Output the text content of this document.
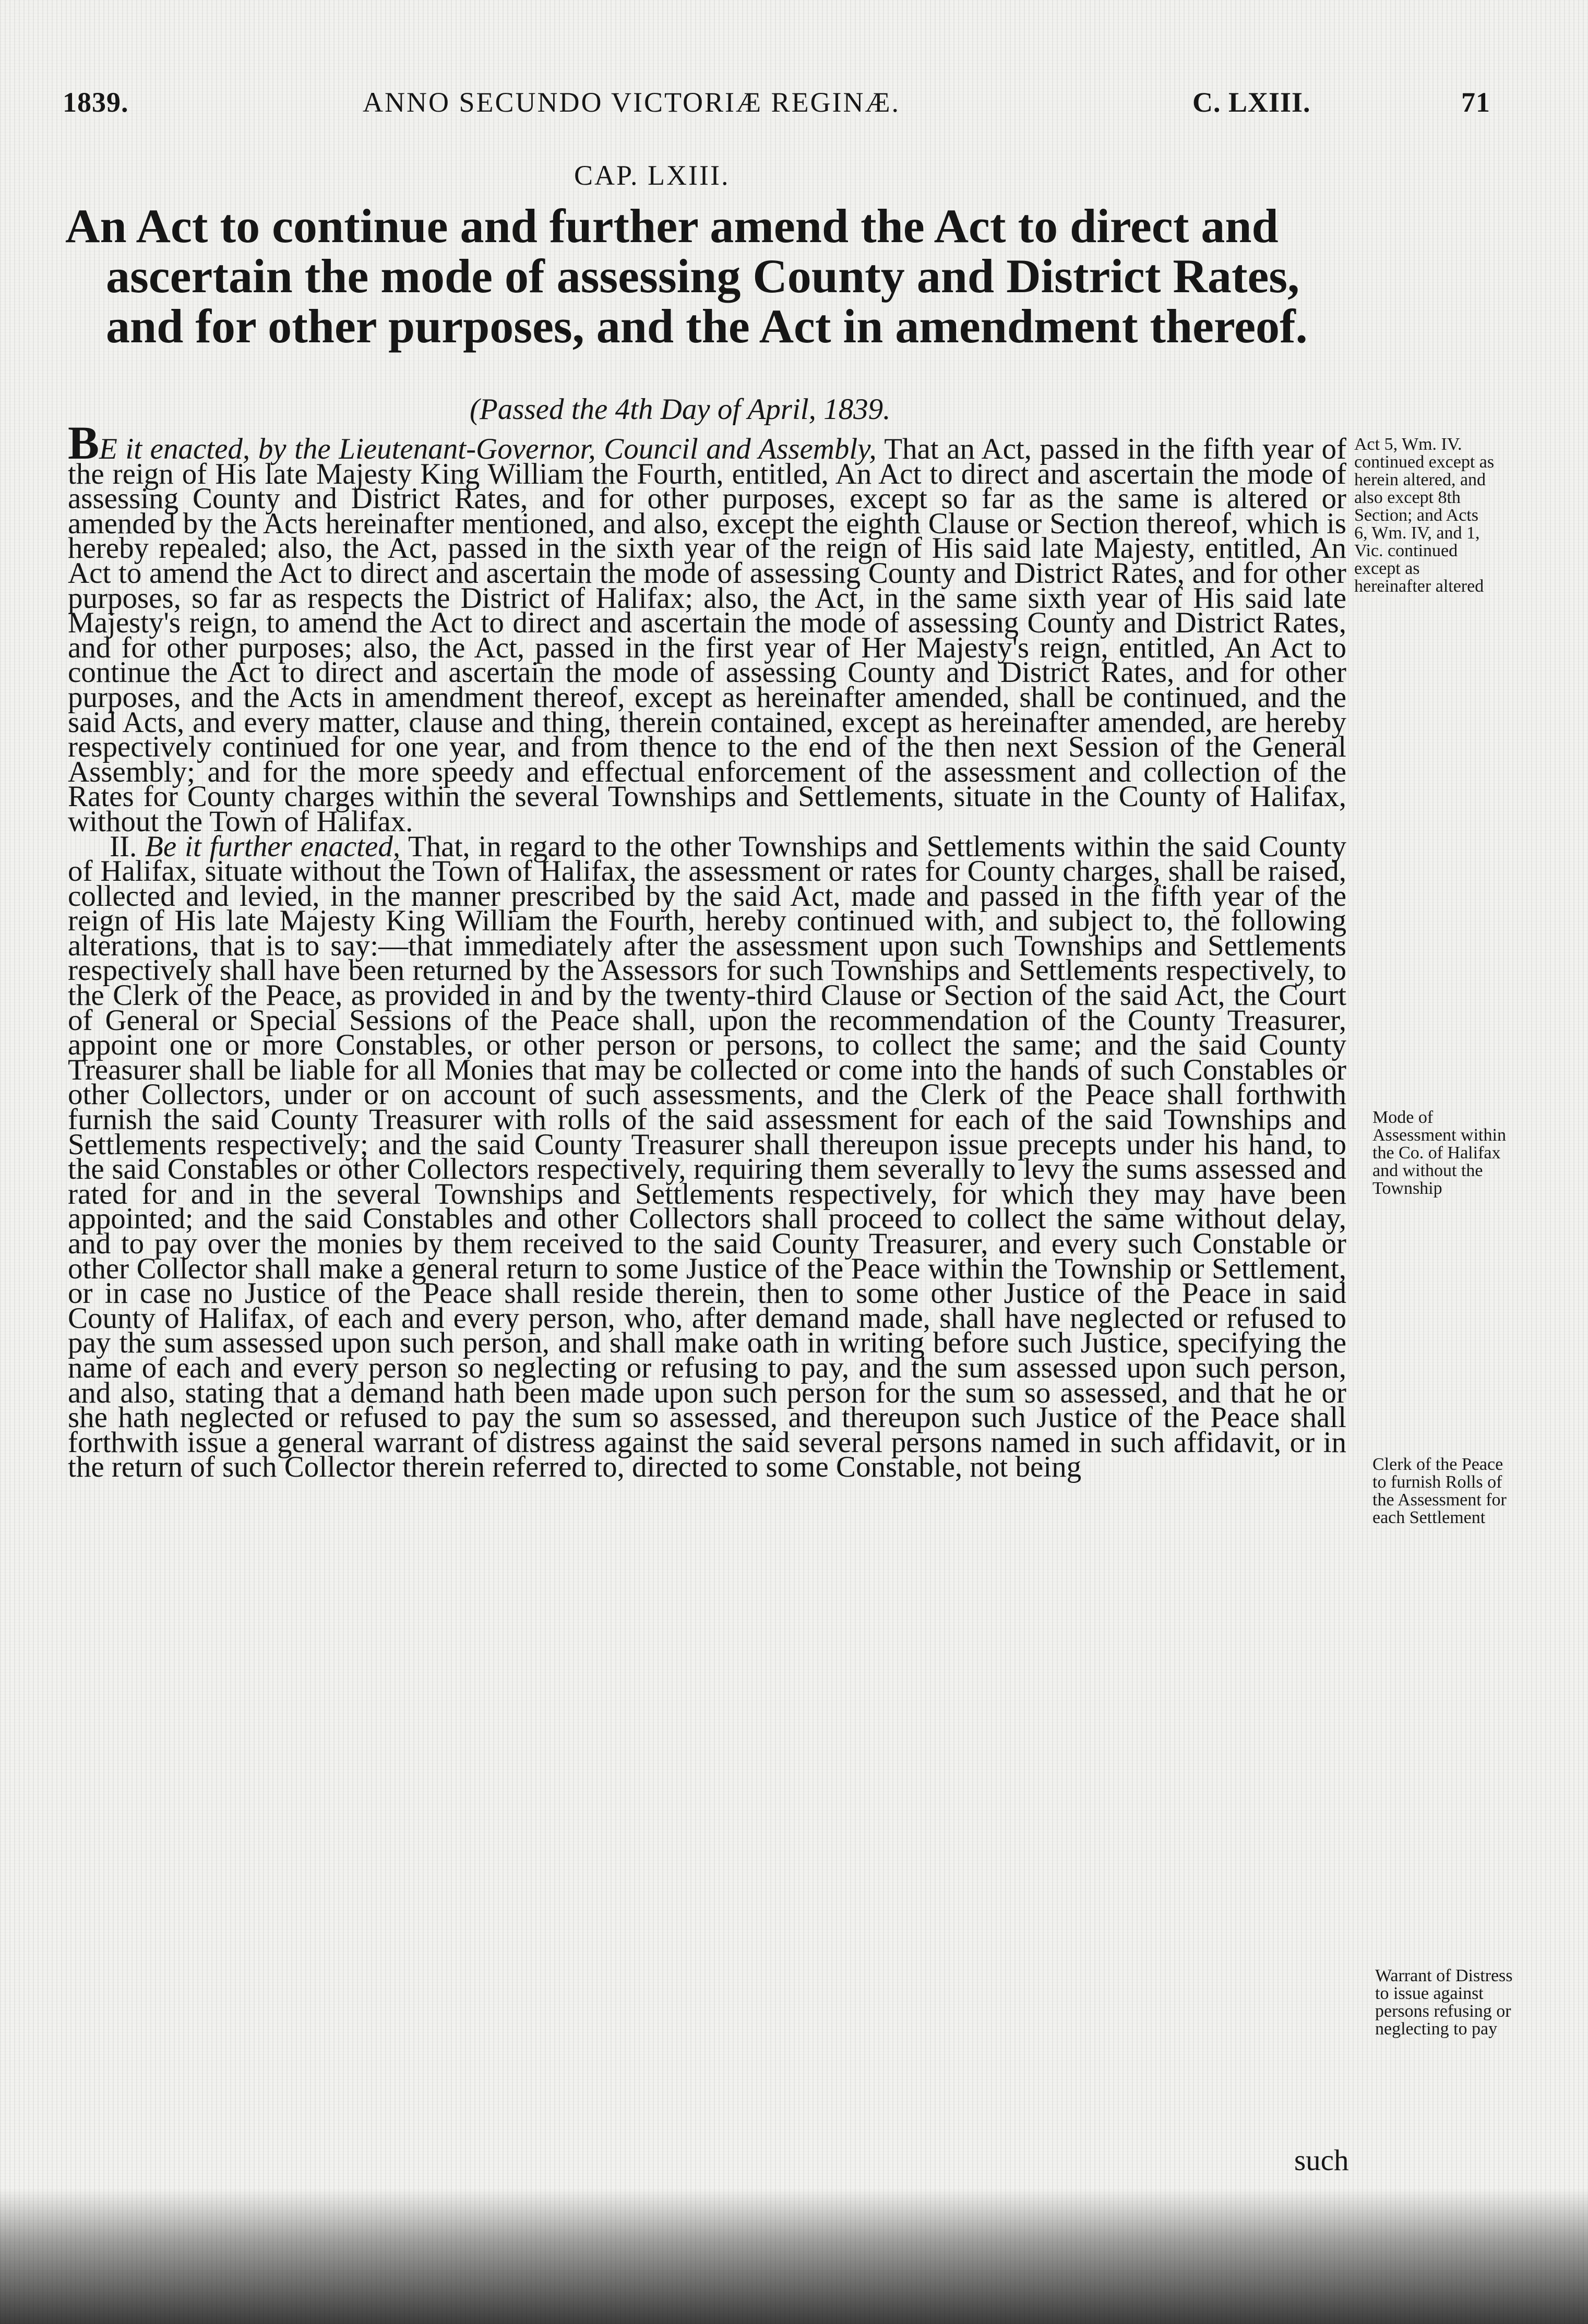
1839.	ANNO SECUNDO VICTORIÆ REGINÆ.	C. LXIII.	71
CAP. LXIII.
An Act to continue and further amend the Act to direct and ascertain the mode of assessing County and District Rates, and for other purposes, and the Act in amendment thereof.
(Passed the 4th Day of April, 1839.

BE it enacted, by the Lieutenant-Governor, Council and Assembly, That an Act, passed in the fifth year of the reign of His late Majesty King William the Fourth, entitled, An Act to direct and ascertain the mode of assessing County and District Rates, and for other purposes, except so far as the same is altered or amended by the Acts hereinafter mentioned, and also, except the eighth Clause or Section thereof, which is hereby repealed; also, the Act, passed in the sixth year of the reign of His said late Majesty, entitled, An Act to amend the Act to direct and ascertain the mode of assessing County and District Rates, and for other purposes, so far as respects the District of Halifax; also, the Act, in the same sixth year of His said late Majesty's reign, to amend the Act to direct and ascertain the mode of assessing County and District Rates, and for other purposes; also, the Act, passed in the first year of Her Majesty's reign, entitled, An Act to continue the Act to direct and ascertain the mode of assessing County and District Rates, and for other purposes, and the Acts in amendment thereof, except as hereinafter amended, shall be continued, and the said Acts, and every matter, clause and thing, therein contained, except as hereinafter amended, are hereby respectively continued for one year, and from thence to the end of the then next Session of the General Assembly; and for the more speedy and effectual enforcement of the assessment and collection of the Rates for County charges within the several Townships and Settlements, situate in the County of Halifax, without the Town of Halifax.

II. Be it further enacted, That, in regard to the other Townships and Settlements within the said County of Halifax, situate without the Town of Halifax, the assessment or rates for County charges, shall be raised, collected and levied, in the manner prescribed by the said Act, made and passed in the fifth year of the reign of His late Majesty King William the Fourth, hereby continued with, and subject to, the following alterations, that is to say:—that immediately after the assessment upon such Townships and Settlements respectively shall have been returned by the Assessors for such Townships and Settlements respectively, to the Clerk of the Peace, as provided in and by the twenty-third Clause or Section of the said Act, the Court of General or Special Sessions of the Peace shall, upon the recommendation of the County Treasurer, appoint one or more Constables, or other person or persons, to collect the same; and the said County Treasurer shall be liable for all Monies that may be collected or come into the hands of such Constables or other Collectors, under or on account of such assessments, and the Clerk of the Peace shall forthwith furnish the said County Treasurer with rolls of the said assessment for each of the said Townships and Settlements respectively; and the said County Treasurer shall thereupon issue precepts under his hand, to the said Constables or other Collectors respectively, requiring them severally to levy the sums assessed and rated for and in the several Townships and Settlements respectively, for which they may have been appointed; and the said Constables and other Collectors shall proceed to collect the same without delay, and to pay over the monies by them received to the said County Treasurer, and every such Constable or other Collector shall make a general return to some Justice of the Peace within the Township or Settlement, or in case no Justice of the Peace shall reside therein, then to some other Justice of the Peace in said County of Halifax, of each and every person, who, after demand made, shall have neglected or refused to pay the sum assessed upon such person, and shall make oath in writing before such Justice, specifying the name of each and every person so neglecting or refusing to pay, and the sum assessed upon such person, and also, stating that a demand hath been made upon such person for the sum so assessed, and that he or she hath neglected or refused to pay the sum so assessed, and thereupon such Justice of the Peace shall forthwith issue a general warrant of distress against the said several persons named in such affidavit, or in the return of such Collector therein referred to, directed to some Constable, not being

such
Act 5, Wm. IV. continued except as herein altered, and also except 8th Section; and Acts 6, Wm. IV, and 1, Vic. continued except as hereinafter altered
Mode of Assessment within the Co. of Halifax and without the Township
Clerk of the Peace to furnish Rolls of the Assessment for each Settlement
Warrant of Distress to issue against persons refusing or neglecting to pay
